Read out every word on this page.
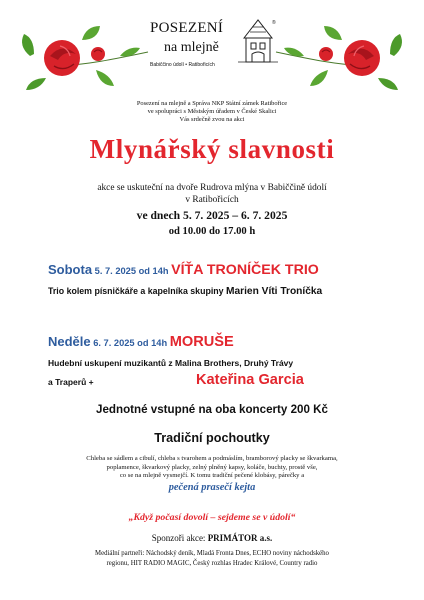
®
POSEZENÍ
na mlejně
Babiččino údolí • Ratibořicích
Posezení na mlejně a Správa NKP Státní zámek Ratibořice
ve spolupráci s Městským úřadem v České Skalici
Vás srdečně zvou na akci
Mlynářský slavnosti
akce se uskuteční na dvoře Rudrova mlýna v Babiččině údolí
v Ratibořicích
ve dnech 5. 7. 2025 – 6. 7. 2025
od 10.00 do 17.00 h
Sobota 5. 7. 2025 od 14h VÍŤA TRONÍČEK TRIO
Trio kolem písničkáře a kapelníka skupiny Marien Víti Troníčka
Neděle 6. 7. 2025 od 14h MORUŠE
Hudební uskupení muzikantů z Malina Brothers, Druhý Trávy
a Traperů +	Kateřina Garcia
Jednotné vstupné na oba koncerty 200 Kč
Tradiční pochoutky
Chleba se sádlem a cibulí, chleba s tvarohem a podmáslím, bramborový placky se škvarkama,
poplamence, škvarkový placky, zelný plněný kapsy, koláče, buchty, prostě vše,
co se na mlejně vysmejčí. K tomu tradiční pečené klobásy, párečky a
pečená prasečí kejta
„Když počasí dovolí – sejdeme se v údolí“
Sponzoři akce: PRIMÁTOR a.s.
Mediální partneři: Náchodský deník, Mladá Fronta Dnes, ECHO noviny náchodského
regionu, HIT RADIO MAGIC, Český rozhlas Hradec Králové, Country radio
